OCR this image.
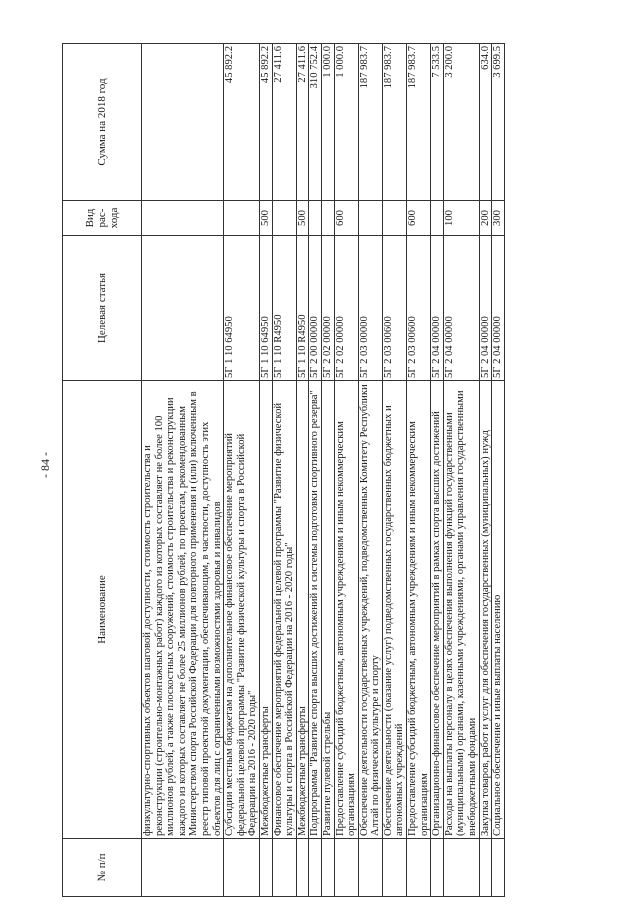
- 84 -
№ п/п	Наименование	Целевая статья	Вид рас-хода	Сумма на 2018 год
	физкультурно-спортивных объектов шаговой доступности, стоимость строительства и реконструкции (строительно-монтажных работ) каждого из которых составляет не более 100 миллионов рублей, а также плоскостных сооружений, стоимость строительства и реконструкции каждого из которых составляет не более 25 миллионов рублей, по проектам, рекомендованным Министерством спорта Российской Федерации для повторного применения и (или) включенным в реестр типовой проектной документации, обеспечивающим, в частности, доступность этих объектов для лиц с ограниченными возможностями здоровья и инвалидов			
	Субсидии местным бюджетам на дополнительное финансовое обеспечение мероприятий федеральной целевой программы "Развитие физической культуры и спорта в Российской Федерации на 2016 - 2020 годы"	5Г 1 10 64950		45 892.2
	Межбюджетные трансферты	5Г 1 10 64950	500	45 892.2
	Финансовое обеспечение мероприятий федеральной целевой программы "Развитие физической культуры и спорта в Российской Федерации на 2016 - 2020 годы"	5Г 1 10 R4950		27 411.6
	Межбюджетные трансферты	5Г 1 10 R4950	500	27 411.6
	Подпрограмма "Развитие спорта высших достижений и системы подготовки спортивного резерва"	5Г 2 00 00000		310 752.4
	Развитие пулевой стрельбы	5Г 2 02 00000		1 000.0
	Предоставление субсидий бюджетным, автономным учреждениям и иным некоммерческим организациям	5Г 2 02 00000	600	1 000.0
	Обеспечение деятельности государственных учреждений, подведомственных Комитету Республики Алтай по физической культуре и спорту	5Г 2 03 00000		187 983.7
	Обеспечение деятельности (оказание услуг) подведомственных государственных бюджетных и автономных учреждений	5Г 2 03 00600		187 983.7
	Предоставление субсидий бюджетным, автономным учреждениям и иным некоммерческим организациям	5Г 2 03 00600	600	187 983.7
	Организационно-финансовое обеспечение мероприятий в рамках спорта высших достижений	5Г 2 04 00000		7 533.5
	Расходы на выплаты персоналу в целях обеспечения выполнения функций государственными (муниципальными) органами, казенными учреждениями, органами управления государственными внебюджетными фондами	5Г 2 04 00000	100	3 200.0
	Закупка товаров, работ и услуг для обеспечения государственных (муниципальных) нужд	5Г 2 04 00000	200	634.0
	Социальное обеспечение и иные выплаты населению	5Г 2 04 00000	300	3 699.5
